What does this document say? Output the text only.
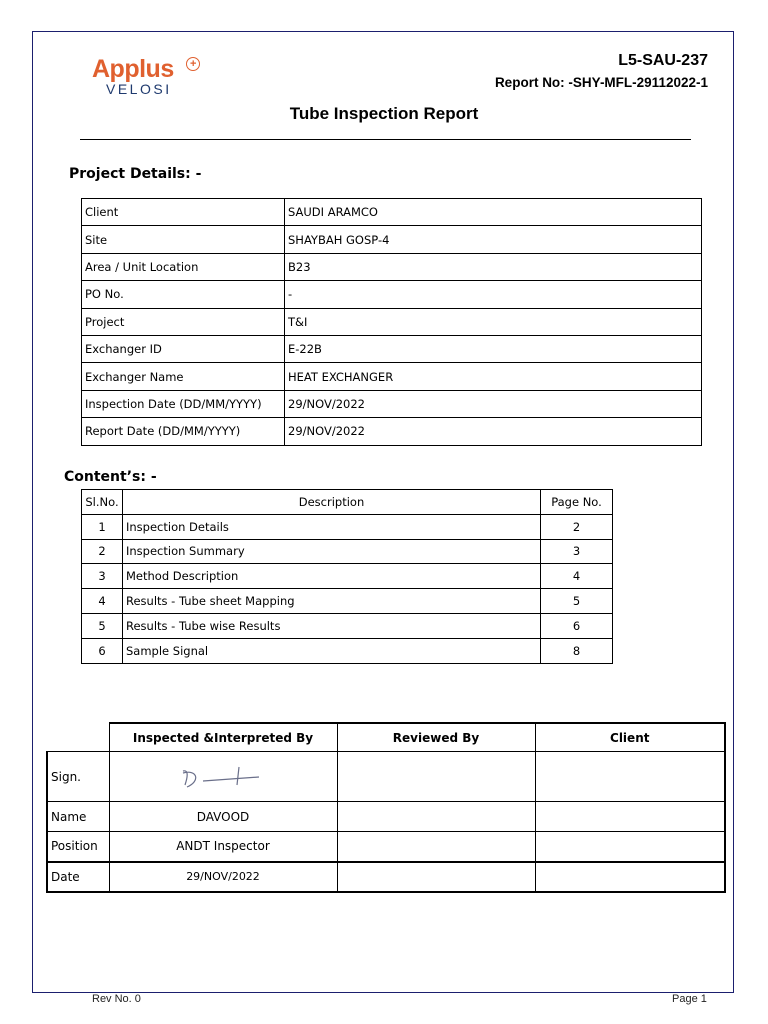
Applus	+
VELOSI
L5-SAU-237
Report No: -SHY-MFL-29112022-1
Tube Inspection Report
Project Details: -
Client	SAUDI ARAMCO
Site	SHAYBAH GOSP-4
Area / Unit Location	B23
PO No.	-
Project	T&I
Exchanger ID	E-22B
Exchanger Name	HEAT EXCHANGER
Inspection Date (DD/MM/YYYY)	29/NOV/2022
Report Date (DD/MM/YYYY)	29/NOV/2022
Content’s: -
Sl.No.	Description	Page No.
1	Inspection Details	2
2	Inspection Summary	3
3	Method Description	4
4	Results - Tube sheet Mapping	5
5	Results - Tube wise Results	6
6	Sample Signal	8
	Inspected &Interpreted By	Reviewed By	Client
Sign.	

Name	DAVOOD		
Position	ANDT Inspector		
Date	29/NOV/2022		
Rev No. 0	Page 1
